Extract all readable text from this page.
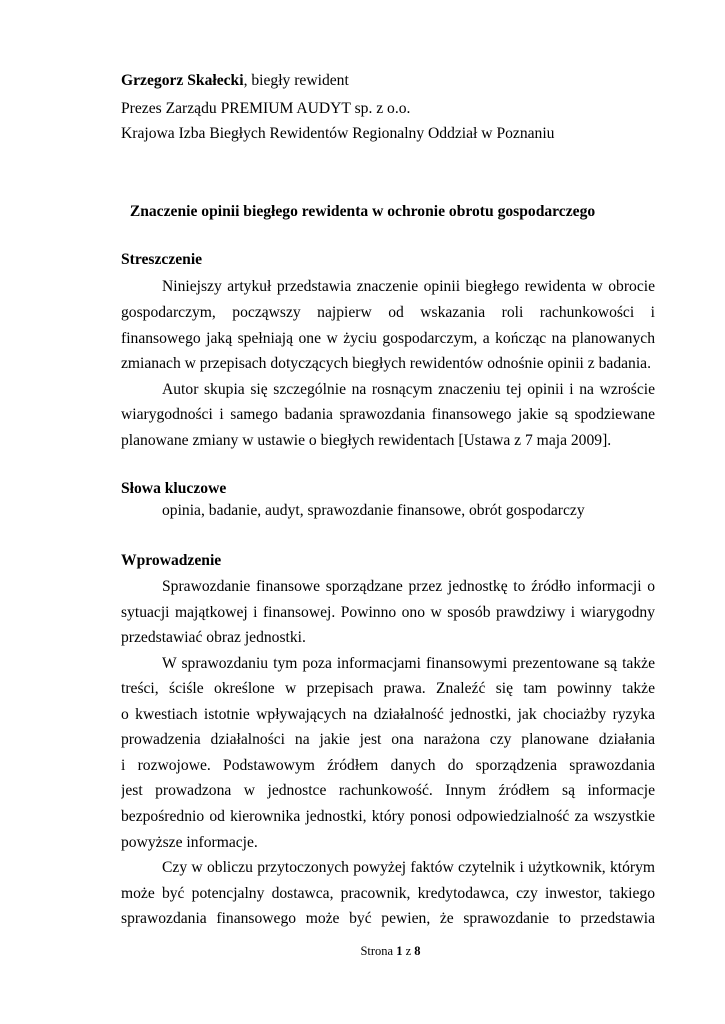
Grzegorz Skałecki, biegły rewident
Prezes Zarządu PREMIUM AUDYT sp. z o.o.
Krajowa Izba Biegłych Rewidentów Regionalny Oddział w Poznaniu
Znaczenie opinii biegłego rewidenta w ochronie obrotu gospodarczego
Streszczenie
Niniejszy artykuł przedstawia znaczenie opinii biegłego rewidenta w obrocie
gospodarczym, począwszy najpierw od wskazania roli rachunkowości i
finansowego jaką spełniają one w życiu gospodarczym, a kończąc na planowanych
zmianach w przepisach dotyczących biegłych rewidentów odnośnie opinii z badania.
Autor skupia się szczególnie na rosnącym znaczeniu tej opinii i na wzroście
wiarygodności i samego badania sprawozdania finansowego jakie są spodziewane
planowane zmiany w ustawie o biegłych rewidentach [Ustawa z 7 maja 2009].
Słowa kluczowe
opinia, badanie, audyt, sprawozdanie finansowe, obrót gospodarczy
Wprowadzenie
Sprawozdanie finansowe sporządzane przez jednostkę to źródło informacji o
sytuacji majątkowej i finansowej. Powinno ono w sposób prawdziwy i wiarygodny
przedstawiać obraz jednostki.
W sprawozdaniu tym poza informacjami finansowymi prezentowane są także
treści, ściśle określone w przepisach prawa. Znaleźć się tam powinny także
o kwestiach istotnie wpływających na działalność jednostki, jak chociażby ryzyka
prowadzenia działalności na jakie jest ona narażona czy planowane działania
i rozwojowe. Podstawowym źródłem danych do sporządzenia sprawozdania
jest prowadzona w jednostce rachunkowość. Innym źródłem są informacje
bezpośrednio od kierownika jednostki, który ponosi odpowiedzialność za wszystkie
powyższe informacje.
Czy w obliczu przytoczonych powyżej faktów czytelnik i użytkownik, którym
może być potencjalny dostawca, pracownik, kredytodawca, czy inwestor, takiego
sprawozdania finansowego może być pewien, że sprawozdanie to przedstawia
Strona 1 z 8
